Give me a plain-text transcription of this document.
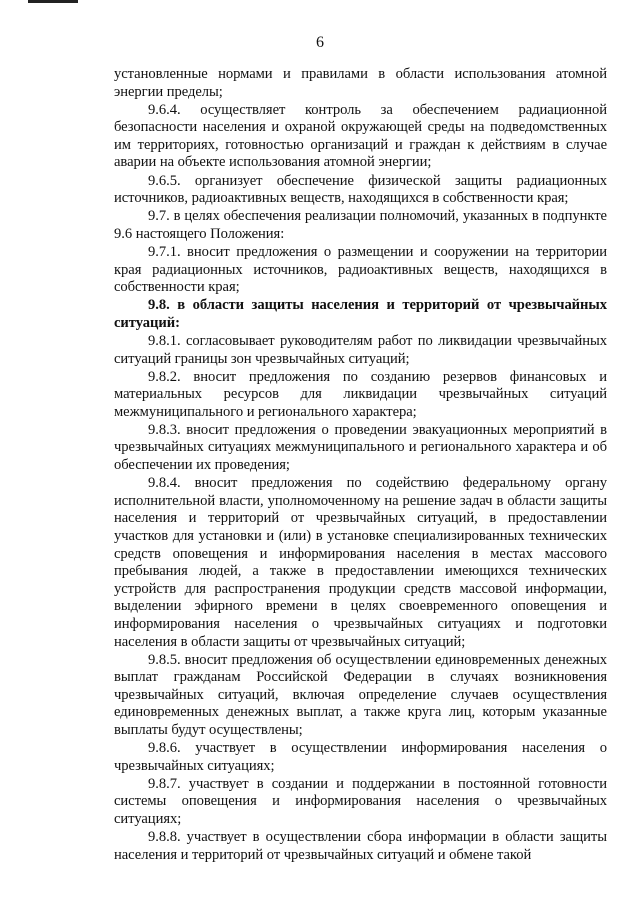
6

установленные нормами и правилами в области использования атомной энергии пределы;

9.6.4. осуществляет контроль за обеспечением радиационной безопасности населения и охраной окружающей среды на подведомственных им территориях, готовностью организаций и граждан к действиям в случае аварии на объекте использования атомной энергии;

9.6.5. организует обеспечение физической защиты радиационных источников, радиоактивных веществ, находящихся в собственности края;

9.7. в целях обеспечения реализации полномочий, указанных в подпункте 9.6 настоящего Положения:

9.7.1. вносит предложения о размещении и сооружении на территории края радиационных источников, радиоактивных веществ, находящихся в собственности края;

9.8. в области защиты населения и территорий от чрезвычайных ситуаций:

9.8.1. согласовывает руководителям работ по ликвидации чрезвычайных ситуаций границы зон чрезвычайных ситуаций;

9.8.2. вносит предложения по созданию резервов финансовых и материальных ресурсов для ликвидации чрезвычайных ситуаций межмуниципального и регионального характера;

9.8.3. вносит предложения о проведении эвакуационных мероприятий в чрезвычайных ситуациях межмуниципального и регионального характера и об обеспечении их проведения;

9.8.4. вносит предложения по содействию федеральному органу исполнительной власти, уполномоченному на решение задач в области защиты населения и территорий от чрезвычайных ситуаций, в предоставлении участков для установки и (или) в установке специализированных технических средств оповещения и информирования населения в местах массового пребывания людей, а также в предоставлении имеющихся технических устройств для распространения продукции средств массовой информации, выделении эфирного времени в целях своевременного оповещения и информирования населения о чрезвычайных ситуациях и подготовки населения в области защиты от чрезвычайных ситуаций;

9.8.5. вносит предложения об осуществлении единовременных денежных выплат гражданам Российской Федерации в случаях возникновения чрезвычайных ситуаций, включая определение случаев осуществления единовременных денежных выплат, а также круга лиц, которым указанные выплаты будут осуществлены;

9.8.6. участвует в осуществлении информирования населения о чрезвычайных ситуациях;

9.8.7. участвует в создании и поддержании в постоянной готовности системы оповещения и информирования населения о чрезвычайных ситуациях;

9.8.8. участвует в осуществлении сбора информации в области защиты населения и территорий от чрезвычайных ситуаций и обмене такой
